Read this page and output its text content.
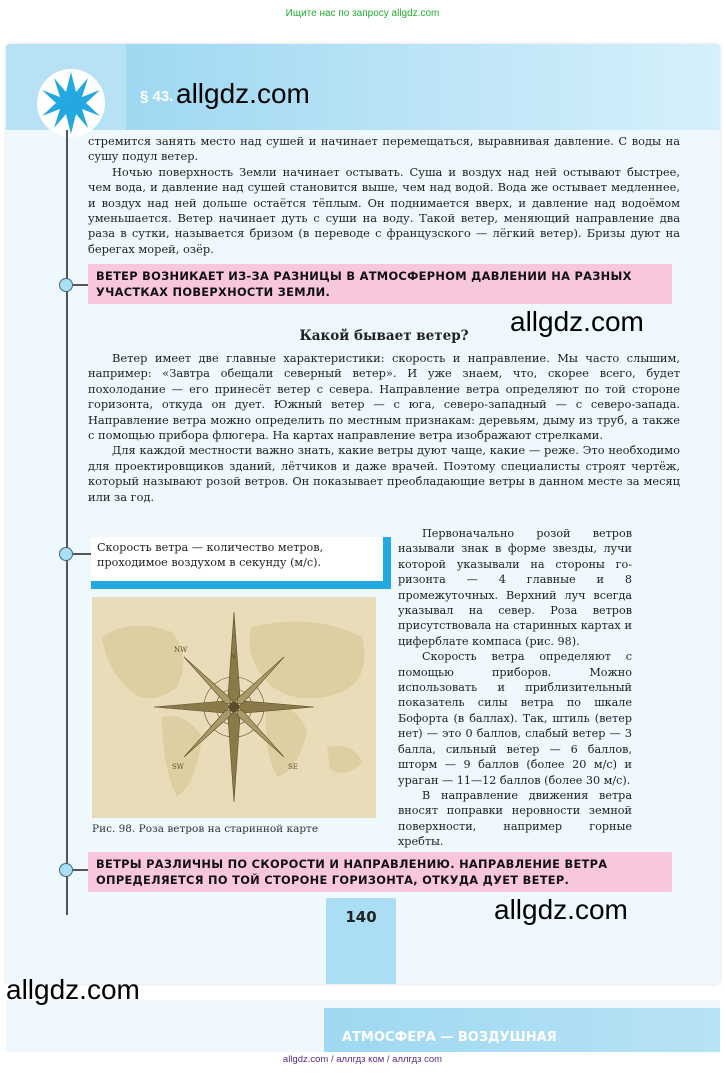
Ищите нас по запросу allgdz.com
§ 43.

стремится занять место над сушей и начинает перемещаться, выравнивая давление. С воды на сушу подул ветер.

Ночью поверхность Земли начинает остывать. Суша и воздух над ней остывают быстрее, чем вода, и давление над сушей становится выше, чем над водой. Вода же остывает медленнее, и воздух над ней дольше остаётся тёплым. Он поднимается вверх, и давление над водоёмом уменьшается. Ветер начинает дуть с суши на воду. Такой ветер, меняющий направление два раза в сутки, называется бризом (в переводе с французского — лёгкий ветер). Бризы дуют на берегах морей, озёр.

ВЕТЕР ВОЗНИКАЕТ ИЗ-ЗА РАЗНИЦЫ В АТМОСФЕРНОМ ДАВЛЕНИИ НА РАЗНЫХ УЧАСТКАХ ПОВЕРХНОСТИ ЗЕМЛИ.
Какой бывает ветер?

Ветер имеет две главные характеристики: скорость и направление. Мы часто слышим, например: «Завтра обещали северный ветер». И уже знаем, что, скорее всего, будет похолодание — его принесёт ветер с севера. Направление ветра определяют по той стороне горизонта, откуда он дует. Южный ветер — с юга, северо-западный — с северо-запада. Направление ветра можно определить по местным признакам: деревьям, дыму из труб, а также с помощью прибора флюгера. На картах направление ветра изображают стрелками.

Для каждой местности важно знать, какие ветры дуют чаще, какие — реже. Это необходимо для проектировщиков зданий, лётчиков и даже врачей. Поэтому специалисты строят чертёж, который называют розой ветров. Он показывает преобладающие ветры в данном месте за месяц или за год.

Скорость ветра — количество метров, проходимое воздухом в секунду (м/с).
NW
SW	SE
N
Рис. 98. Роза ветров на старинной карте

Первоначально розой ветров называли знак в форме звезды, лучи которой указывали на стороны го-ризонта — 4 главные и 8 промежуточных. Верхний луч всегда указывал на север. Роза ветров присутствовала на старинных картах и циферблате компаса (рис. 98).

Скорость ветра определяют с помощью приборов. Можно использовать и приблизительный показатель силы ветра по шкале Бофорта (в баллах). Так, штиль (ветер нет) — это 0 баллов, слабый ветер — 3 балла, сильный ветер — 6 баллов, шторм — 9 баллов (более 20 м/с) и ураган — 11—12 баллов (более 30 м/с).

В направление движения ветра вносят поправки неровности земной поверхности, например горные хребты.

ВЕТРЫ РАЗЛИЧНЫ ПО СКОРОСТИ И НАПРАВЛЕНИЮ. НАПРАВЛЕНИЕ ВЕТРА ОПРЕДЕЛЯЕТСЯ ПО ТОЙ СТОРОНЕ ГОРИЗОНТА, ОТКУДА ДУЕТ ВЕТЕР.
140
АТМОСФЕРА — ВОЗДУШНАЯ
allgdz.com
allgdz.com
allgdz.com
allgdz.com
allgdz.com / аллгдз ком / аллгдз com
